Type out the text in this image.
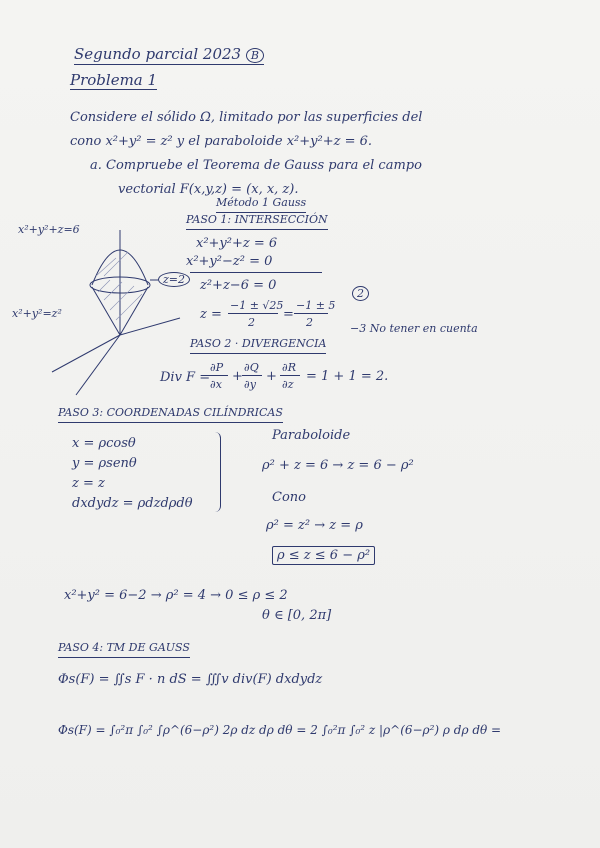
Segundo parcial 2023 B
Problema 1
Considere el sólido Ω, limitado por las superficies del
cono x²+y² = z² y el paraboloide x²+y²+z = 6.
a. Compruebe el Teorema de Gauss para el campo
vectorial F(x,y,z) = (x, x, z).
Método 1 Gauss
PASO 1: INTERSECCIÓN
x²+y²+z = 6
x²+y²−z² = 0
z²+z−6 = 0
z =
−1 ± √25
2
=
−1 ± 5
2
2
−3 No tener en cuenta
PASO 2 · DIVERGENCIA
Div F =
∂P
∂x
+
∂Q
∂y
+
∂R
∂z
= 1 + 1 = 2.
x²+y²+z=6
x²+y²=z²
z=2
PASO 3: COORDENADAS CILÍNDRICAS
x = ρcosθ
y = ρsenθ
z = z
dxdydz = ρdzdρdθ
Paraboloide
ρ² + z = 6 → z = 6 − ρ²
Cono
ρ² = z² → z = ρ
ρ ≤ z ≤ 6 − ρ²
x²+y² = 6−2 → ρ² = 4 → 0 ≤ ρ ≤ 2
θ ∈ [0, 2π]
PASO 4: TM DE GAUSS
Φs(F) = ∬s F · n dS = ∭v div(F) dxdydz
Φs(F) = ∫₀²π ∫₀² ∫ρ^(6−ρ²) 2ρ dz dρ dθ = 2 ∫₀²π ∫₀² z |ρ^(6−ρ²) ρ dρ dθ =
